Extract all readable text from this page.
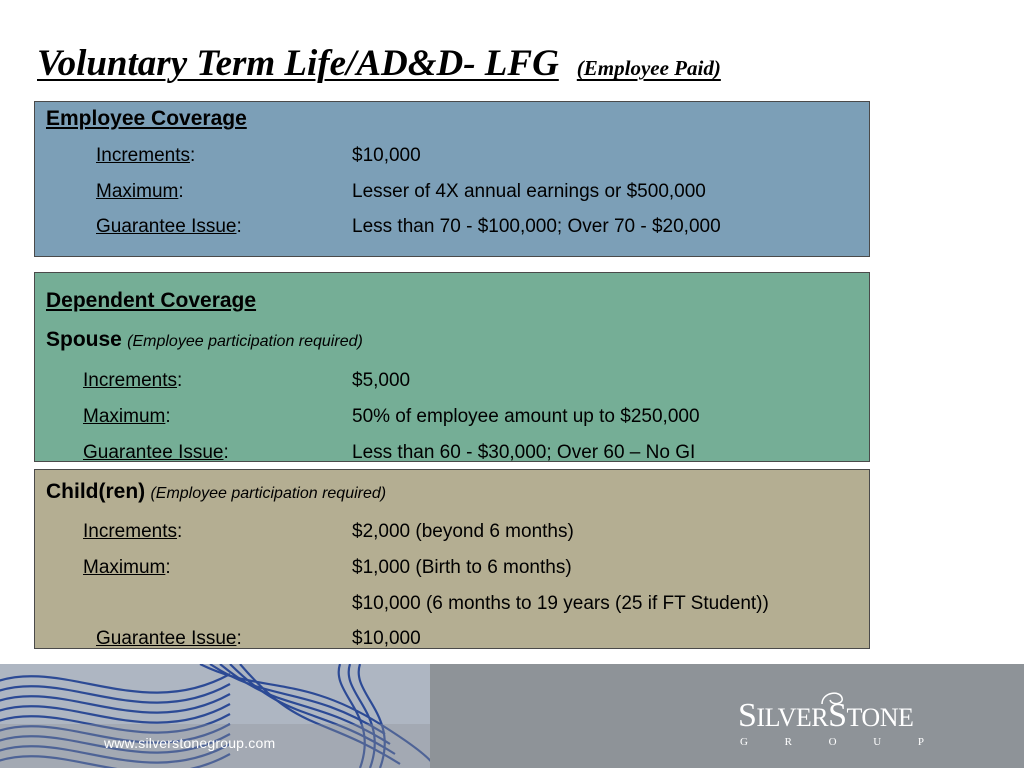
Voluntary Term Life/AD&D- LFG (Employee Paid)
Employee Coverage
Increments:	$10,000
Maximum:	Lesser of 4X annual earnings or $500,000
Guarantee Issue:	Less than 70 - $100,000; Over 70 - $20,000
Dependent Coverage
Spouse (Employee participation required)
Increments:	$5,000
Maximum:	50% of employee amount up to $250,000
Guarantee Issue:	Less than 60 - $30,000; Over 60 – No GI
Child(ren) (Employee participation required)
Increments:	$2,000 (beyond 6 months)
Maximum:	$1,000 (Birth to 6 months)
$10,000 (6 months to 19 years (25 if FT Student))
Guarantee Issue:	$10,000
www.silverstonegroup.com
SILVERSTONE
G	R	O	U	P
